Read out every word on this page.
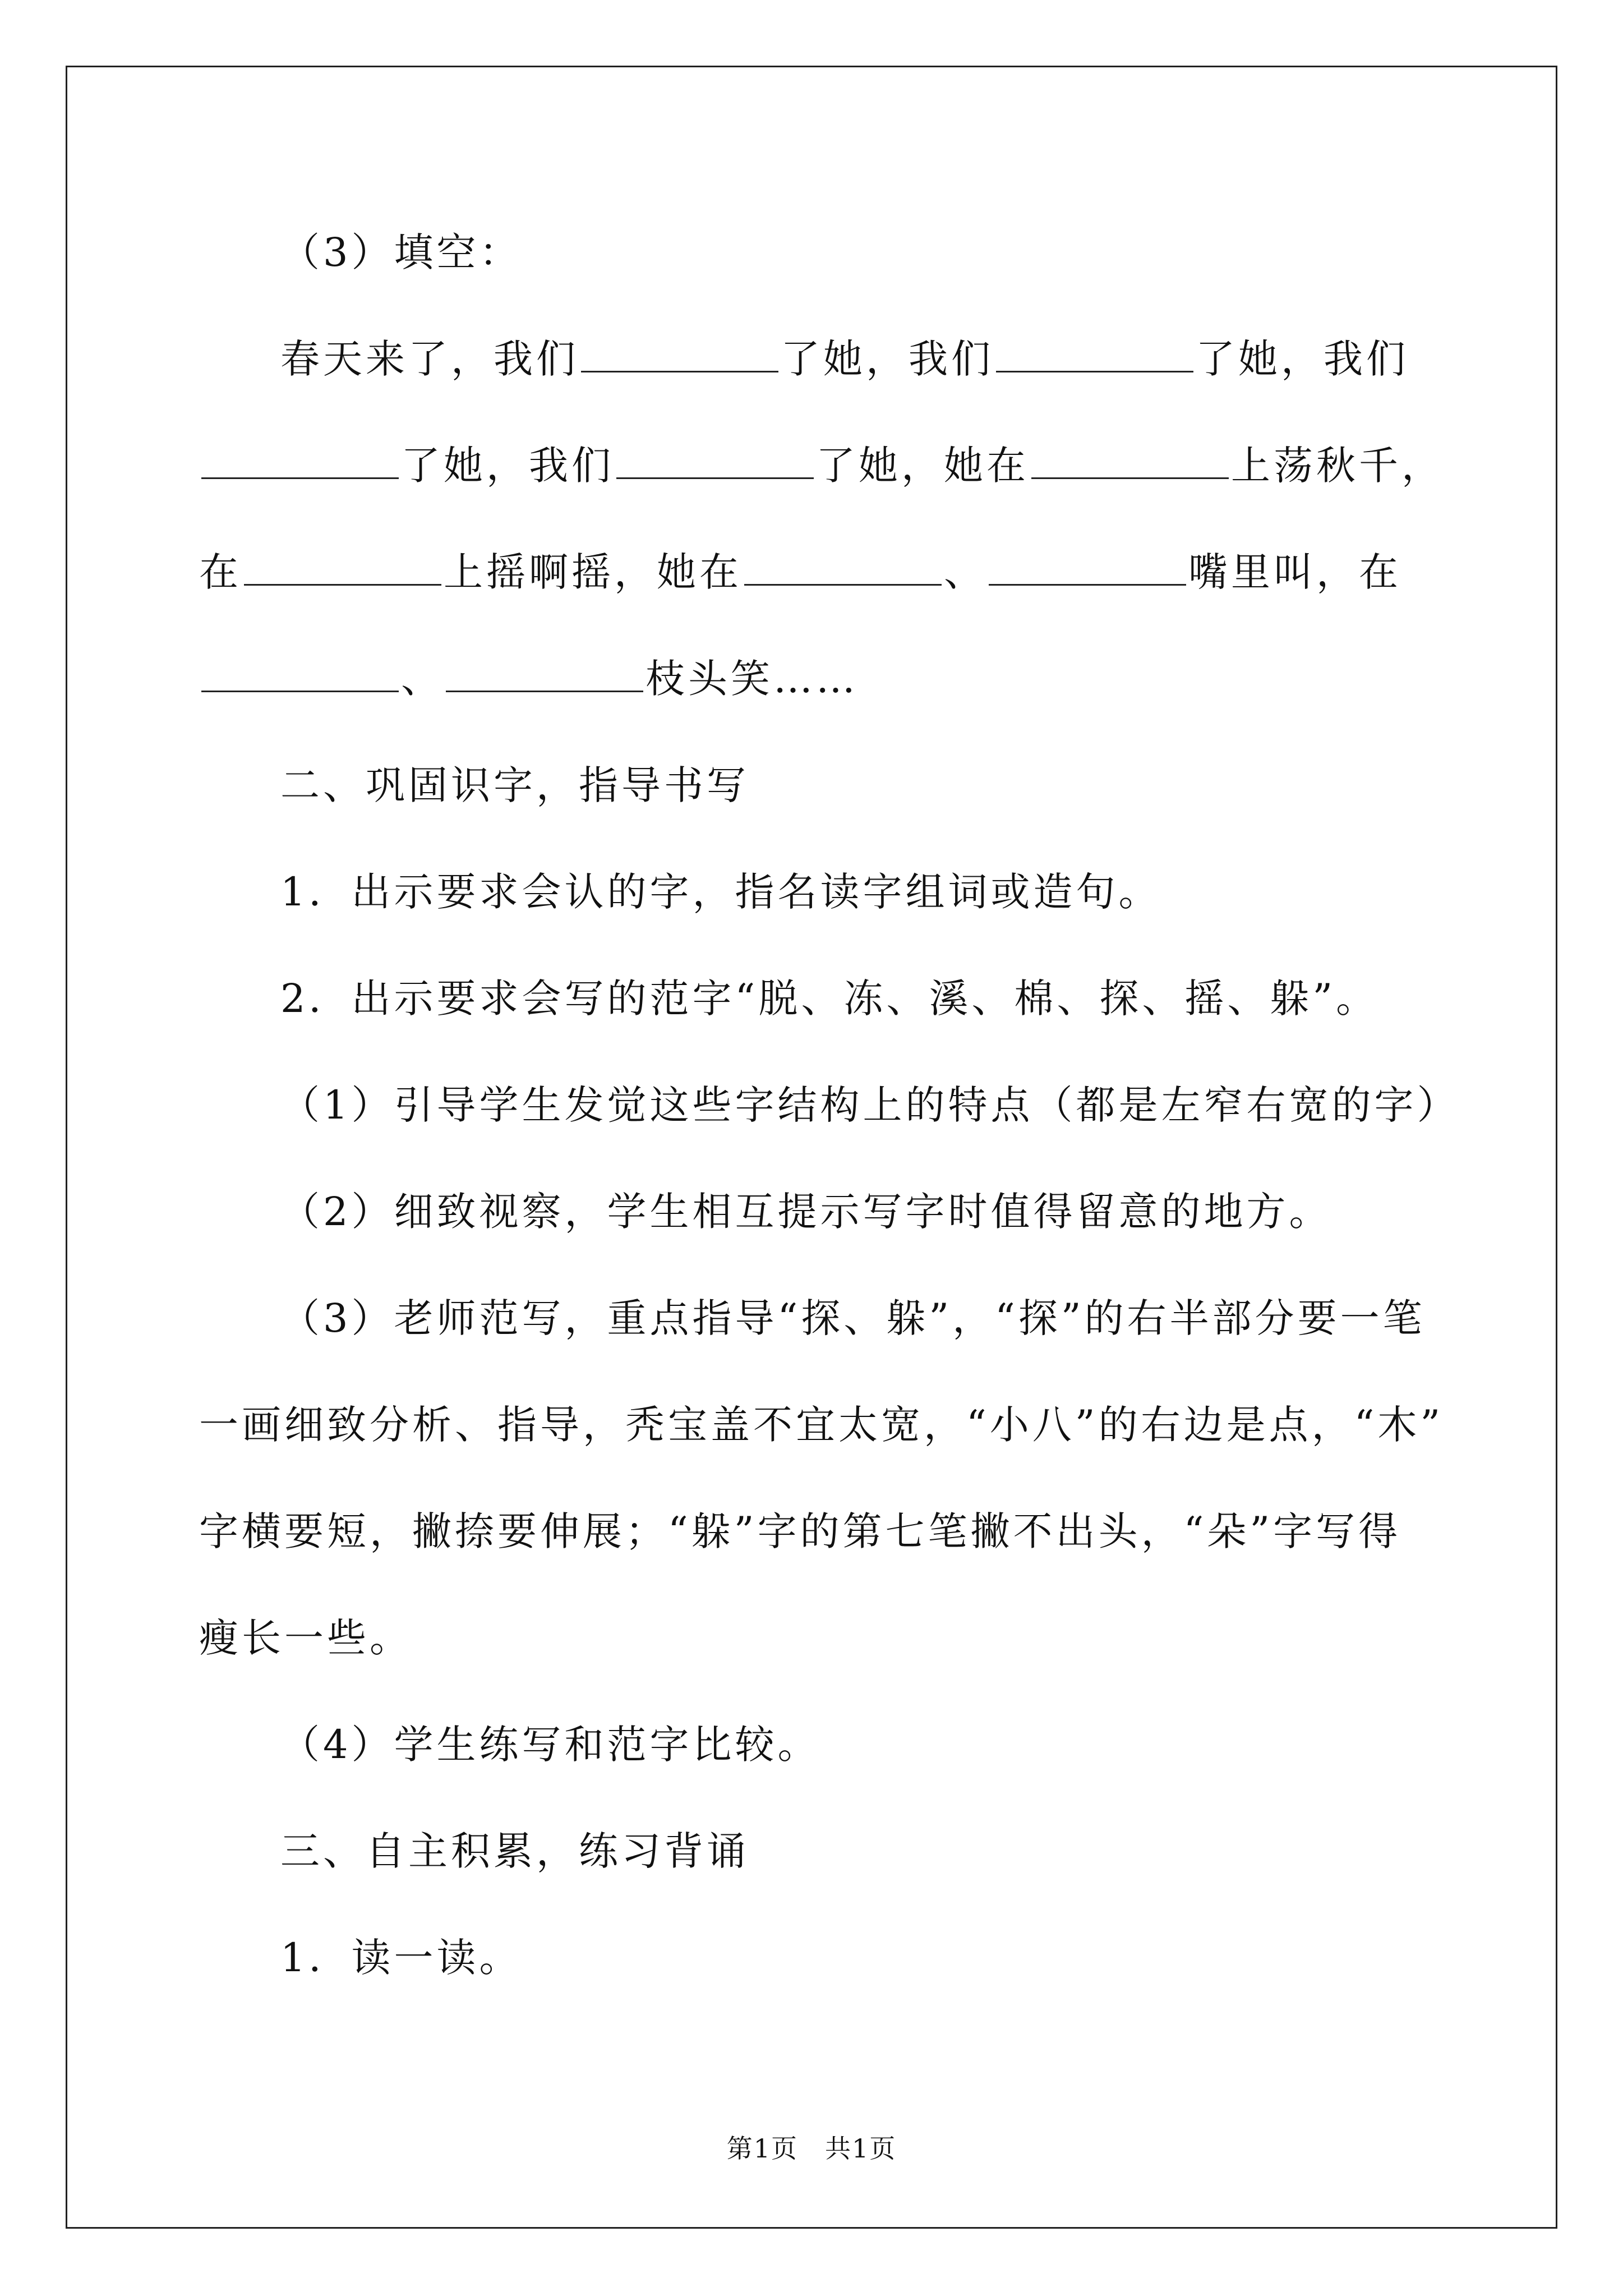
（3）填空：
春天来了，我们	了她，我们	了她，我们
了她，我们	了她，她在	上荡秋千，
在	上摇啊摇，她在	、	嘴里叫，在
、	枝头笑……
二、巩固识字，指导书写
1．出示要求会认的字，指名读字组词或造句。
2．出示要求会写的范字“脱、冻、溪、棉、探、摇、躲”。
（1）引导学生发觉这些字结构上的特点（都是左窄右宽的字）
（2）细致视察，学生相互提示写字时值得留意的地方。
（3）老师范写，重点指导“探、躲”，“探”的右半部分要一笔
一画细致分析、指导，秃宝盖不宜太宽，“小八”的右边是点，“木”
字横要短，撇捺要伸展；“躲”字的第七笔撇不出头，“朵”字写得
瘦长一些。
（4）学生练写和范字比较。
三、自主积累，练习背诵
1．读一读。
第1页　共1页
